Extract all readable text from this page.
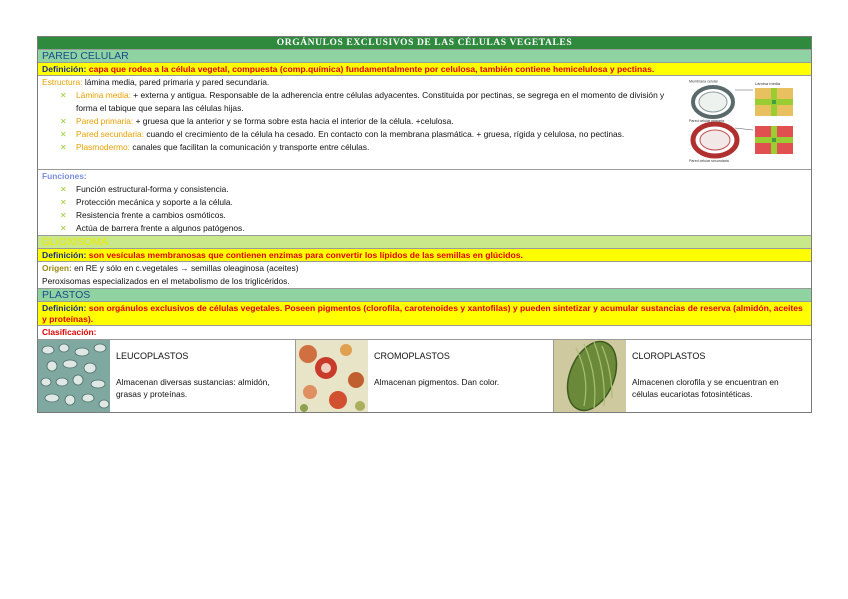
ORGÁNULOS EXCLUSIVOS DE LAS CÉLULAS VEGETALES
PARED CELULAR
Definición: capa que rodea a la célula vegetal, compuesta (comp.química) fundamentalmente por celulosa, también contiene hemicelulosa y pectinas.
Estructura: lámina media, pared primaria y pared secundaria.
✕ Lámina media: + externa y antigua. Responsable de la adherencia entre células adyacentes. Constituida por pectinas, se segrega en el momento de división y forma el tabique que separa las células hijas.
✕ Pared primaria: + gruesa que la anterior y se forma sobre esta hacia el interior de la célula. +celulosa.
✕ Pared secundaria: cuando el crecimiento de la célula ha cesado. En contacto con la membrana plasmática. + gruesa, rígida y celulosa, no pectinas.
✕ Plasmodermo: canales que facilitan la comunicación y transporte entre células.
Lámina media
Membrana celular
Pared celular primaria
Pared celular secundaria
Funciones:
✕ Función estructural-forma y consistencia.
✕ Protección mecánica y soporte a la célula.
✕ Resistencia frente a cambios osmóticos.
✕ Actúa de barrera frente a algunos patógenos.
GLIOXISOMA
Definición: son vesículas membranosas que contienen enzimas para convertir los lípidos de las semillas en glúcidos.
Origen: en RE y sólo en c.vegetales → semillas oleaginosa (aceites)
Peroxisomas especializados en el metabolismo de los triglicéridos.
PLASTOS
Definición: son orgánulos exclusivos de células vegetales. Poseen pigmentos (clorofila, carotenoides y xantofilas) y pueden sintetizar y acumular sustancias de reserva (almidón, aceites y proteínas).
Clasificación:
LEUCOPLASTOS
Almacenan diversas sustancias: almidón, grasas y proteínas.
CROMOPLASTOS
Almacenan pigmentos. Dan color.
CLOROPLASTOS
Almacenen clorofila y se encuentran en células eucariotas fotosintéticas.
